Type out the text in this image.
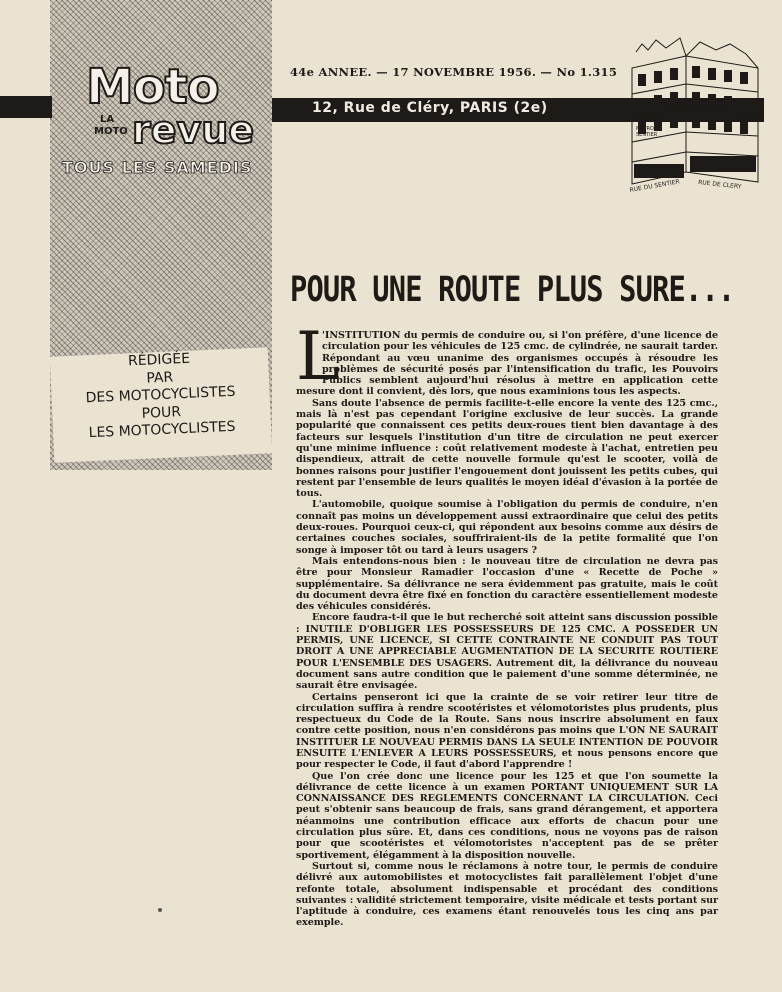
Moto
LA
MOTO revue
TOUS LES SAMEDIS
44e ANNEE. — 17 NOVEMBRE 1956. — No 1.315
12, Rue de Cléry, PARIS (2e)
METRO
SENTIER
RUE DU SENTIER	RUE DE CLERY
RÉDIGÉE
PAR
DES MOTOCYCLISTES
POUR
LES MOTOCYCLISTES
POUR UNE ROUTE PLUS SURE...
L

'INSTITUTION du permis de conduire ou, si l'on préfère, d'une licence de circulation pour les véhicules de 125 cmc. de cylindrée, ne saurait tarder. Répondant au vœu unanime des organismes occupés à résoudre les problèmes de sécurité posés par l'intensification du trafic, les Pouvoirs Publics semblent aujourd'hui résolus à mettre en application cette mesure dont il convient, dès lors, que nous examinions tous les aspects.

Sans doute l'absence de permis facilite-t-elle encore la vente des 125 cmc., mais là n'est pas cependant l'origine exclusive de leur succès. La grande popularité que connaissent ces petits deux-roues tient bien davantage à des facteurs sur lesquels l'institution d'un titre de circulation ne peut exercer qu'une minime influence : coût relativement modeste à l'achat, entretien peu dispendieux, attrait de cette nouvelle formule qu'est le scooter, voilà de bonnes raisons pour justifier l'engouement dont jouissent les petits cubes, qui restent par l'ensemble de leurs qualités le moyen idéal d'évasion à la portée de tous.

L'automobile, quoique soumise à l'obligation du permis de conduire, n'en connaît pas moins un développement aussi extraordinaire que celui des petits deux-roues. Pourquoi ceux-ci, qui répondent aux besoins comme aux désirs de certaines couches sociales, souffriraient-ils de la petite formalité que l'on songe à imposer tôt ou tard à leurs usagers ?

Mais entendons-nous bien : le nouveau titre de circulation ne devra pas être pour Monsieur Ramadier l'occasion d'une « Recette de Poche » supplémentaire. Sa délivrance ne sera évidemment pas gratuite, mais le coût du document devra être fixé en fonction du caractère essentiellement modeste des véhicules considérés.

Encore faudra-t-il que le but recherché soit atteint sans discussion possible : INUTILE D'OBLIGER LES POSSESSEURS DE 125 CMC. A POSSEDER UN PERMIS, UNE LICENCE, SI CETTE CONTRAINTE NE CONDUIT PAS TOUT DROIT A UNE APPRECIABLE AUGMENTATION DE LA SECURITE ROUTIERE POUR L'ENSEMBLE DES USAGERS. Autrement dit, la délivrance du nouveau document sans autre condition que le paiement d'une somme déterminée, ne saurait être envisagée.

Certains penseront ici que la crainte de se voir retirer leur titre de circulation suffira à rendre scootéristes et vélomotoristes plus prudents, plus respectueux du Code de la Route. Sans nous inscrire absolument en faux contre cette position, nous n'en considérons pas moins que L'ON NE SAURAIT INSTITUER LE NOUVEAU PERMIS DANS LA SEULE INTENTION DE POUVOIR ENSUITE L'ENLEVER A LEURS POSSESSEURS, et nous pensons encore que pour respecter le Code, il faut d'abord l'apprendre !

Que l'on crée donc une licence pour les 125 et que l'on soumette la délivrance de cette licence à un examen PORTANT UNIQUEMENT SUR LA CONNAISSANCE DES REGLEMENTS CONCERNANT LA CIRCULATION. Ceci peut s'obtenir sans beaucoup de frais, sans grand dérangement, et apportera néanmoins une contribution efficace aux efforts de chacun pour une circulation plus sûre. Et, dans ces conditions, nous ne voyons pas de raison pour que scootéristes et vélomotoristes n'acceptent pas de se prêter sportivement, élégamment à la disposition nouvelle.

Surtout si, comme nous le réclamons à notre tour, le permis de conduire délivré aux automobilistes et motocyclistes fait parallèlement l'objet d'une refonte totale, absolument indispensable et procédant des conditions suivantes : validité strictement temporaire, visite médicale et tests portant sur l'aptitude à conduire, ces examens étant renouvelés tous les cinq ans par exemple.
